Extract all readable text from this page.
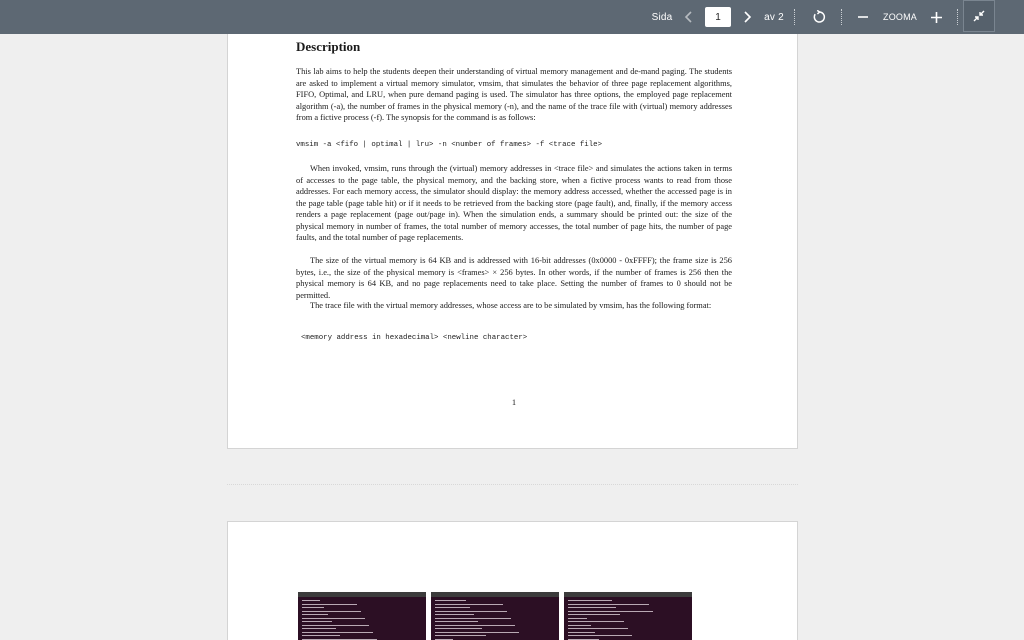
Sida
1	av 2	ZOOMA
Description

This lab aims to help the students deepen their understanding of virtual memory management and de-mand paging. The students are asked to implement a virtual memory simulator, vmsim, that simulates the behavior of three page replacement algorithms, FIFO, Optimal, and LRU, when pure demand paging is used. The simulator has three options, the employed page replacement algorithm (-a), the number of frames in the physical memory (-n), and the name of the trace file with (virtual) memory addresses from a fictive process (-f). The synopsis for the command is as follows:

vmsim -a <fifo | optimal | lru> -n <number of frames> -f <trace file>

When invoked, vmsim, runs through the (virtual) memory addresses in <trace file> and simulates the actions taken in terms of accesses to the page table, the physical memory, and the backing store, when a fictive process wants to read from those addresses. For each memory access, the simulator should display: the memory address accessed, whether the accessed page is in the page table (page table hit) or if it needs to be retrieved from the backing store (page fault), and, finally, if the memory access renders a page replacement (page out/page in). When the simulation ends, a summary should be printed out: the size of the physical memory in number of frames, the total number of memory accesses, the total number of page hits, the number of page faults, and the total number of page replacements.

The size of the virtual memory is 64 KB and is addressed with 16-bit addresses (0x0000 - 0xFFFF); the frame size is 256 bytes, i.e., the size of the physical memory is <frames> × 256 bytes. In other words, if the number of frames is 256 then the physical memory is 64 KB, and no page replacements need to take place. Setting the number of frames to 0 should not be permitted.

The trace file with the virtual memory addresses, whose access are to be simulated by vmsim, has the following format:

<memory address in hexadecimal> <newline character>
1
